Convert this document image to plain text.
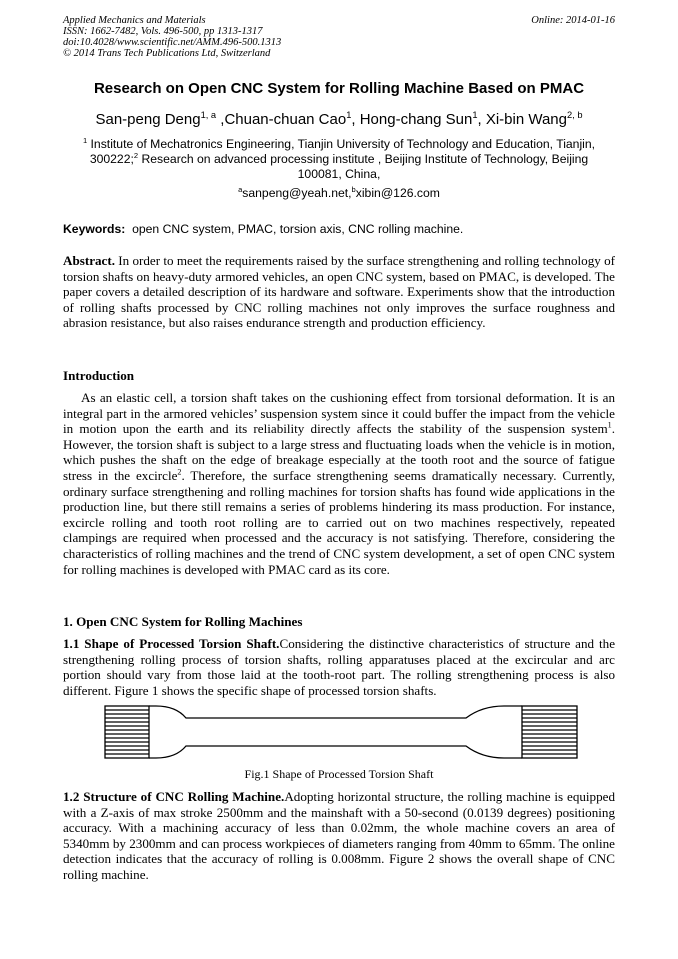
Applied Mechanics and Materials
ISSN: 1662-7482, Vols. 496-500, pp 1313-1317
doi:10.4028/www.scientific.net/AMM.496-500.1313
© 2014 Trans Tech Publications Ltd, Switzerland
Online: 2014-01-16
Research on Open CNC System for Rolling Machine Based on PMAC
San-peng Deng$^{1, a}$ ,Chuan-chuan Cao$^1$, Hong-chang Sun$^1$, Xi-bin Wang$^{2, b}$
$^1$ Institute of Mechatronics Engineering, Tianjin University of Technology and Education, Tianjin, 300222;$^2$ Research on advanced processing institute , Beijing Institute of Technology, Beijing 100081, China,
$^a$sanpeng@yeah.net,$^b$xibin@126.com
Keywords: open CNC system, PMAC, torsion axis, CNC rolling machine.
Abstract. In order to meet the requirements raised by the surface strengthening and rolling technology of torsion shafts on heavy-duty armored vehicles, an open CNC system, based on PMAC, is developed. The paper covers a detailed description of its hardware and software. Experiments show that the introduction of rolling shafts processed by CNC rolling machines not only improves the surface roughness and abrasion resistance, but also raises endurance strength and production efficiency.
Introduction
As an elastic cell, a torsion shaft takes on the cushioning effect from torsional deformation. It is an integral part in the armored vehicles’ suspension system since it could buffer the impact from the vehicle in motion upon the earth and its reliability directly affects the stability of the suspension system$^1$. However, the torsion shaft is subject to a large stress and fluctuating loads when the vehicle is in motion, which pushes the shaft on the edge of breakage especially at the tooth root and the source of fatigue stress in the excircle$^2$. Therefore, the surface strengthening seems dramatically necessary. Currently, ordinary surface strengthening and rolling machines for torsion shafts has found wide applications in the production line, but there still remains a series of problems hindering its mass production. For instance, excircle rolling and tooth root rolling are to carried out on two machines respectively, repeated clampings are required when processed and the accuracy is not satisfying. Therefore, considering the characteristics of rolling machines and the trend of CNC system development, a set of open CNC system for rolling machines is developed with PMAC card as its core.
1. Open CNC System for Rolling Machines
1.1 Shape of Processed Torsion Shaft.Considering the distinctive characteristics of structure and the strengthening rolling process of torsion shafts, rolling apparatuses placed at the excircular and arc portion should vary from those laid at the tooth-root part. The rolling strengthening process is also different. Figure 1 shows the specific shape of processed torsion shafts.
Fig.1 Shape of Processed Torsion Shaft
1.2 Structure of CNC Rolling Machine.Adopting horizontal structure, the rolling machine is equipped with a Z-axis of max stroke 2500mm and the mainshaft with a 50-second (0.0139 degrees) positioning accuracy. With a machining accuracy of less than 0.02mm, the whole machine covers an area of 5340mm by 2300mm and can process workpieces of diameters ranging from 40mm to 65mm. The online detection indicates that the accuracy of rolling is 0.008mm. Figure 2 shows the overall shape of CNC rolling machine.
